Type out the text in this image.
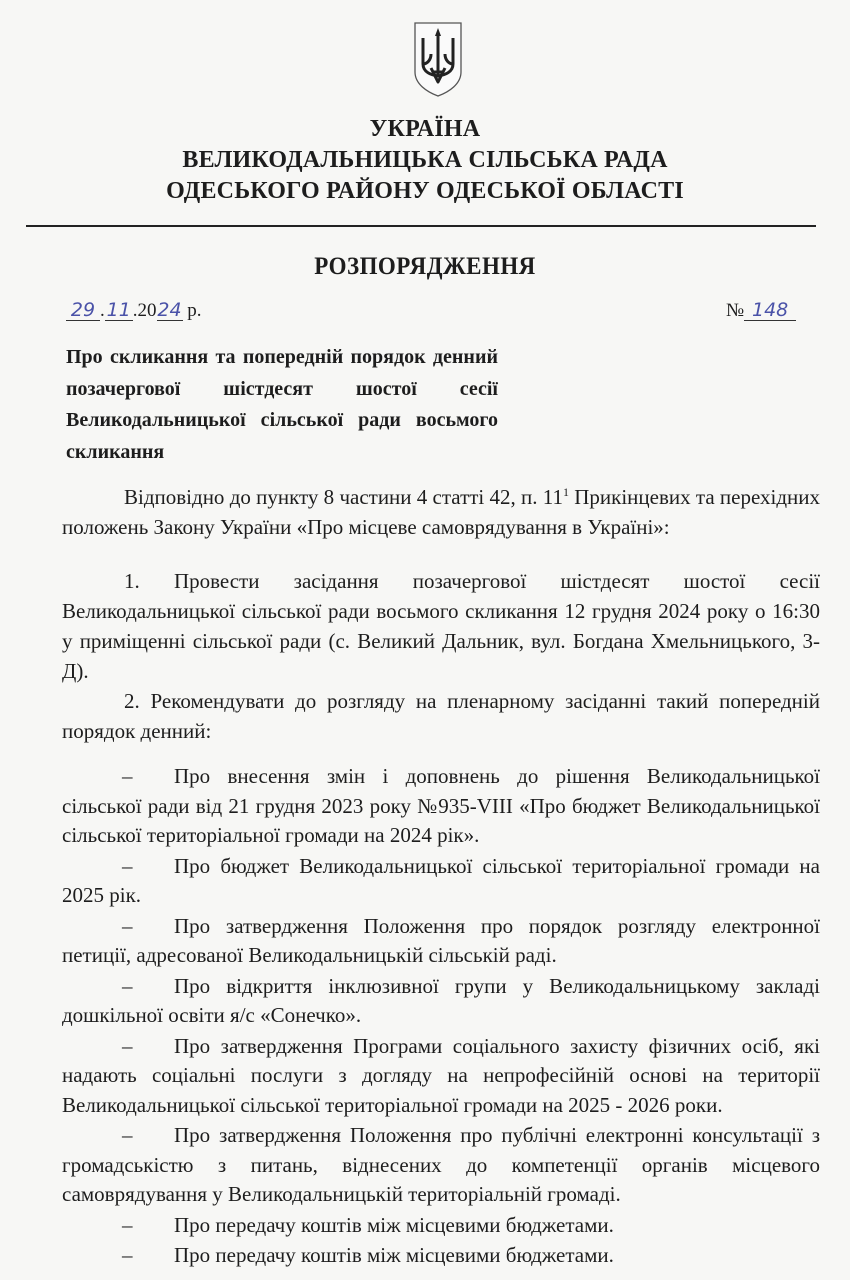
УКРАЇНА
ВЕЛИКОДАЛЬНИЦЬКА СІЛЬСЬКА РАДА
ОДЕСЬКОГО РАЙОНУ ОДЕСЬКОЇ ОБЛАСТІ
РОЗПОРЯДЖЕННЯ
29 . 11 .2024 р.	№ 148
Про скликання та попередній порядок денний позачергової шістдесят шостої сесії Великодальницької сільської ради восьмого скликання

Відповідно до пункту 8 частини 4 статті 42, п. $11^1$ Прикінцевих та перехідних положень Закону України «Про місцеве самоврядування в Україні»:

1. Провести засідання позачергової шістдесят шостої сесії Великодальницької сільської ради восьмого скликання 12 грудня 2024 року о 16:30 у приміщенні сільської ради (с. Великий Дальник, вул. Богдана Хмельницького, 3-Д).

2. Рекомендувати до розгляду на пленарному засіданні такий попередній порядок денний:

– Про внесення змін і доповнень до рішення Великодальницької сільської ради від 21 грудня 2023 року №935-VIII «Про бюджет Великодальницької сільської територіальної громади на 2024 рік».

– Про бюджет Великодальницької сільської територіальної громади на 2025 рік.

– Про затвердження Положення про порядок розгляду електронної петиції, адресованої Великодальницькій сільській раді.

– Про відкриття інклюзивної групи у Великодальницькому закладі дошкільної освіти я/с «Сонечко».

– Про затвердження Програми соціального захисту фізичних осіб, які надають соціальні послуги з догляду на непрофесійній основі на території Великодальницької сільської територіальної громади на 2025 - 2026 роки.

– Про затвердження Положення про публічні електронні консультації з громадськістю з питань, віднесених до компетенції органів місцевого самоврядування у Великодальницькій територіальній громаді.

– Про передачу коштів між місцевими бюджетами.

– Про передачу коштів між місцевими бюджетами.
